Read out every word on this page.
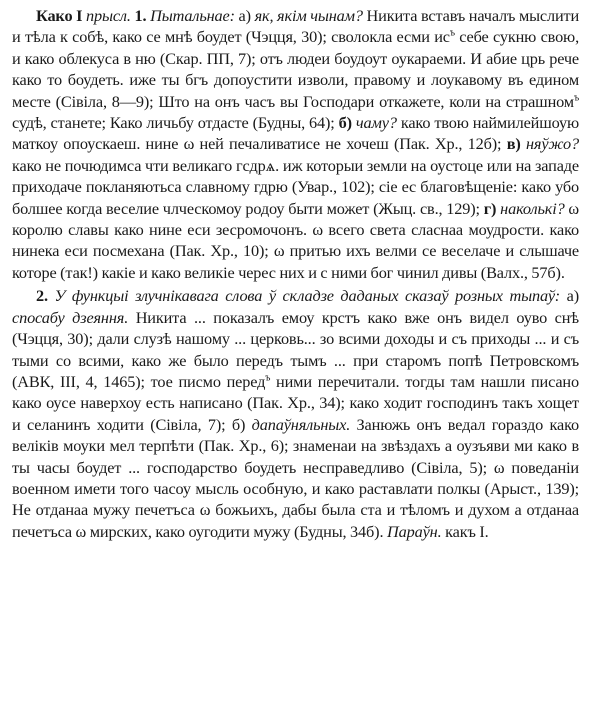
Како I прысл. 1. Пытальнае: а) як, якім чынам? Никита вставъ началъ мыслити и тѣла к собѣ, како се мнѣ боудет (Чэцця, 30); сволокла есми $ис^ъ$ себе сукню свою, и како облекуса в ню (Скар. ПП, 7); отъ людеи боудоут оукараеми. И абие црь рече како то боудеть. иже ты бгъ допоустити изволи, правому и лоукавому въ едином месте (Сівіла, 8—9); Што на онъ часъ вы Господари откажете, коли на страшном$^ъ$ судѣ, станете; Како личьбу отдасте (Будны, 64); б) чаму? како твою наймилейшоую маткоу опоускаеш. нине ω ней печаливатисе не хочеш (Пак. Хр., 12б); в) няўжо? како не почюдимса чти великаго гсдрѧ. иж которыи земли на оустоце или на западе приходаче покланяютьса славному гдрю (Увар., 102); сіе ес благовѣщеніе: како убо болшее когда веселие члческомоу родоу быти может (Жыц. св., 129); г) наколькі? ω королю славы како нине еси зесромочонъ. ω всего света сласнаа моудрости. како нинека еси посмехана (Пак. Хр., 10); ω притью ихъ велми се веселаче и слышаче которе (так!) какіе и како великіе черес них и с ними бог чинил дивы (Валх., 57б).

2. У функцыі злучнікавага слова ў складзе даданых сказаў розных тыпаў: а) спосабу дзеяння. Никита ... показалъ емоу крстъ како вже онъ видел оуво снѣ (Чэцця, 30); дали слузѣ нашому ... церковь... зо всими доходы и съ приходы ... и съ тыми со всими, како же было передъ тымъ ... при старомъ попѣ Петровскомъ (АВК, III, 4, 1465); тое писмо перед$^ъ$ ними перечитали. тогды там нашли писано како оусе наверхоу есть написано (Пак. Хр., 34); како ходит господинъ такъ хощет и селанинъ ходити (Сівіла, 7); б) дапаўняльных. Занюжь онъ ведал гораздо како веліків моуки мел терпѣти (Пак. Хр., 6); знаменаи на звѣздахъ а оузъяви ми како в ты часы боудет ... господарство боудеть несправедливо (Сівіла, 5); ω поведаніи военном имети того часоу мысль особную, и како раставлати полкы (Арыст., 139); Не отданаа мужу печетъса ω божьихъ, дабы была ста и тѣломъ и духом а отданаа печетъса ω мирских, како оугодити мужу (Будны, 34б). Параўн. какъ I.
